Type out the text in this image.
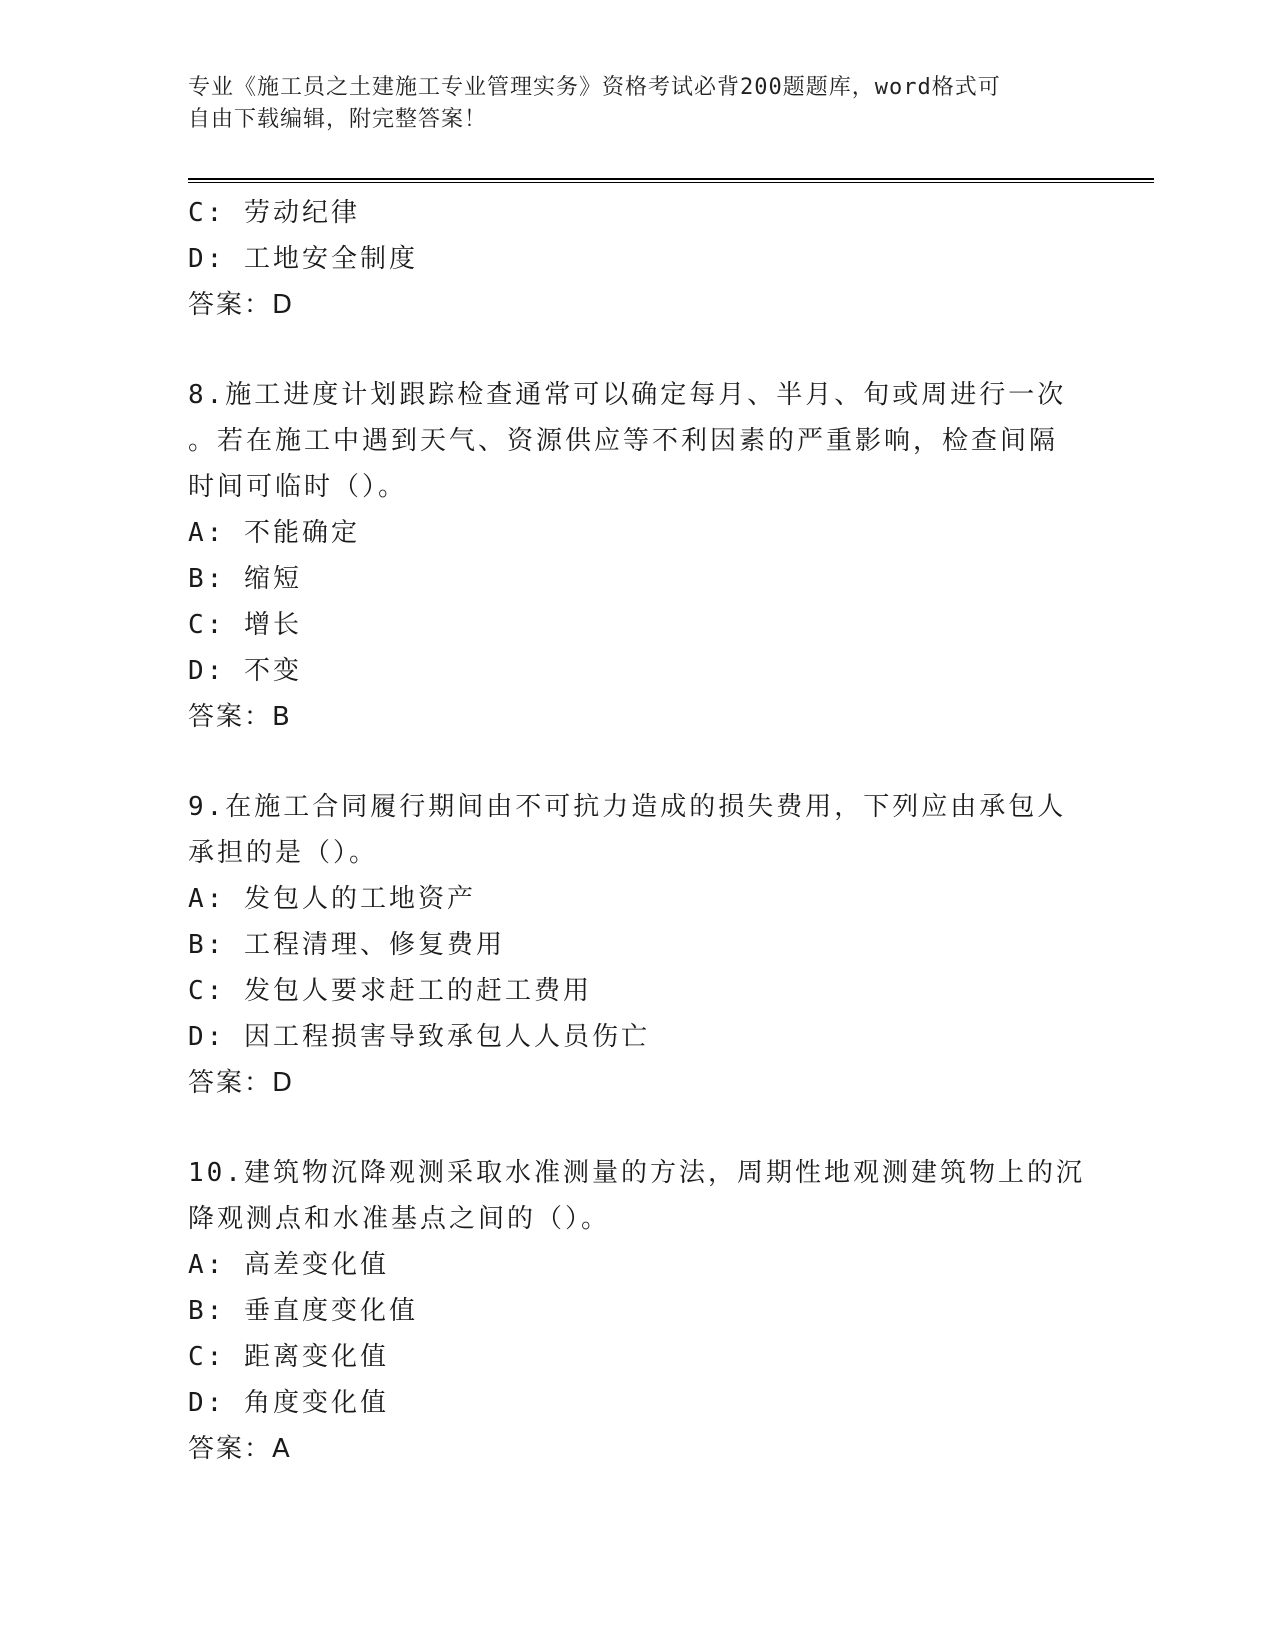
专业《施工员之土建施工专业管理实务》资格考试必背200题题库，word格式可
自由下载编辑，附完整答案！
C: 劳动纪律
D: 工地安全制度
答案：D
8.施工进度计划跟踪检查通常可以确定每月、半月、旬或周进行一次
。若在施工中遇到天气、资源供应等不利因素的严重影响，检查间隔
时间可临时（）。
A: 不能确定
B: 缩短
C: 增长
D: 不变
答案：B
9.在施工合同履行期间由不可抗力造成的损失费用，下列应由承包人
承担的是（）。
A: 发包人的工地资产
B: 工程清理、修复费用
C: 发包人要求赶工的赶工费用
D: 因工程损害导致承包人人员伤亡
答案：D
10.建筑物沉降观测采取水准测量的方法，周期性地观测建筑物上的沉
降观测点和水准基点之间的（）。
A: 高差变化值
B: 垂直度变化值
C: 距离变化值
D: 角度变化值
答案：A
